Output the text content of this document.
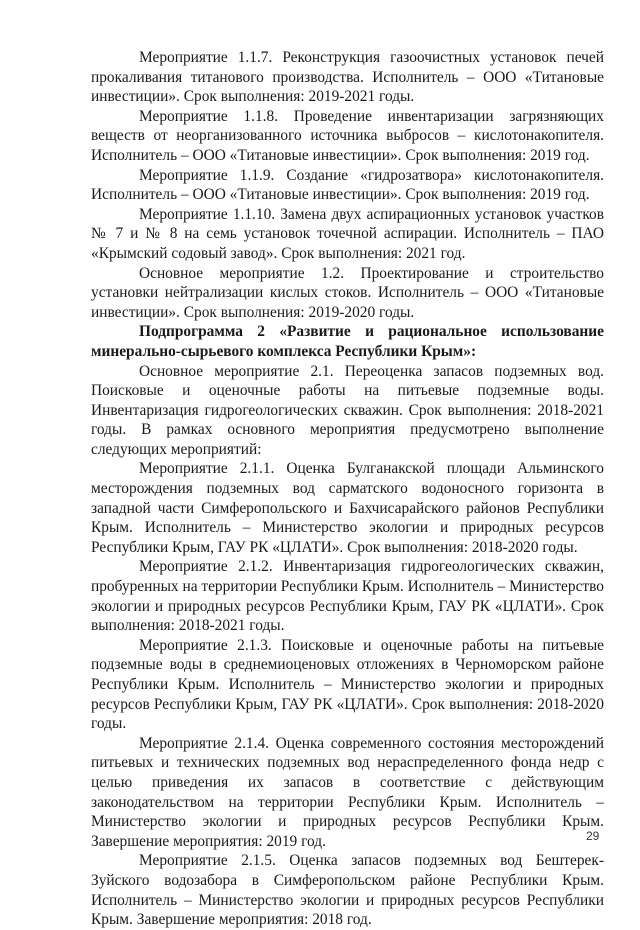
Мероприятие 1.1.7. Реконструкция газоочистных установок печей прокаливания титанового производства. Исполнитель – ООО «Титановые инвестиции». Срок выполнения: 2019-2021 годы.

Мероприятие 1.1.8. Проведение инвентаризации загрязняющих веществ от неорганизованного источника выбросов – кислотонакопителя. Исполнитель – ООО «Титановые инвестиции». Срок выполнения: 2019 год.

Мероприятие 1.1.9. Создание «гидрозатвора» кислотонакопителя. Исполнитель – ООО «Титановые инвестиции». Срок выполнения: 2019 год.

Мероприятие 1.1.10. Замена двух аспирационных установок участков № 7 и № 8 на семь установок точечной аспирации. Исполнитель – ПАО «Крымский содовый завод». Срок выполнения: 2021 год.

Основное мероприятие 1.2. Проектирование и строительство установки нейтрализации кислых стоков. Исполнитель – ООО «Титановые инвестиции». Срок выполнения: 2019-2020 годы.

Подпрограмма 2 «Развитие и рациональное использование минерально-сырьевого комплекса Республики Крым»:

Основное мероприятие 2.1. Переоценка запасов подземных вод. Поисковые и оценочные работы на питьевые подземные воды. Инвентаризация гидрогеологических скважин. Срок выполнения: 2018-2021 годы. В рамках основного мероприятия предусмотрено выполнение следующих мероприятий:

Мероприятие 2.1.1. Оценка Булганакской площади Альминского месторождения подземных вод сарматского водоносного горизонта в западной части Симферопольского и Бахчисарайского районов Республики Крым. Исполнитель – Министерство экологии и природных ресурсов Республики Крым, ГАУ РК «ЦЛАТИ». Срок выполнения: 2018-2020 годы.

Мероприятие 2.1.2. Инвентаризация гидрогеологических скважин, пробуренных на территории Республики Крым. Исполнитель – Министерство экологии и природных ресурсов Республики Крым, ГАУ РК «ЦЛАТИ». Срок выполнения: 2018-2021 годы.

Мероприятие 2.1.3. Поисковые и оценочные работы на питьевые подземные воды в среднемиоценовых отложениях в Черноморском районе Республики Крым. Исполнитель – Министерство экологии и природных ресурсов Республики Крым, ГАУ РК «ЦЛАТИ». Срок выполнения: 2018-2020 годы.

Мероприятие 2.1.4. Оценка современного состояния месторождений питьевых и технических подземных вод нераспределенного фонда недр с целью приведения их запасов в соответствие с действующим законодательством на территории Республики Крым. Исполнитель – Министерство экологии и природных ресурсов Республики Крым. Завершение мероприятия: 2019 год.

Мероприятие 2.1.5. Оценка запасов подземных вод Бештерек-Зуйского водозабора в Симферопольском районе Республики Крым. Исполнитель – Министерство экологии и природных ресурсов Республики Крым. Завершение мероприятия: 2018 год.

29
